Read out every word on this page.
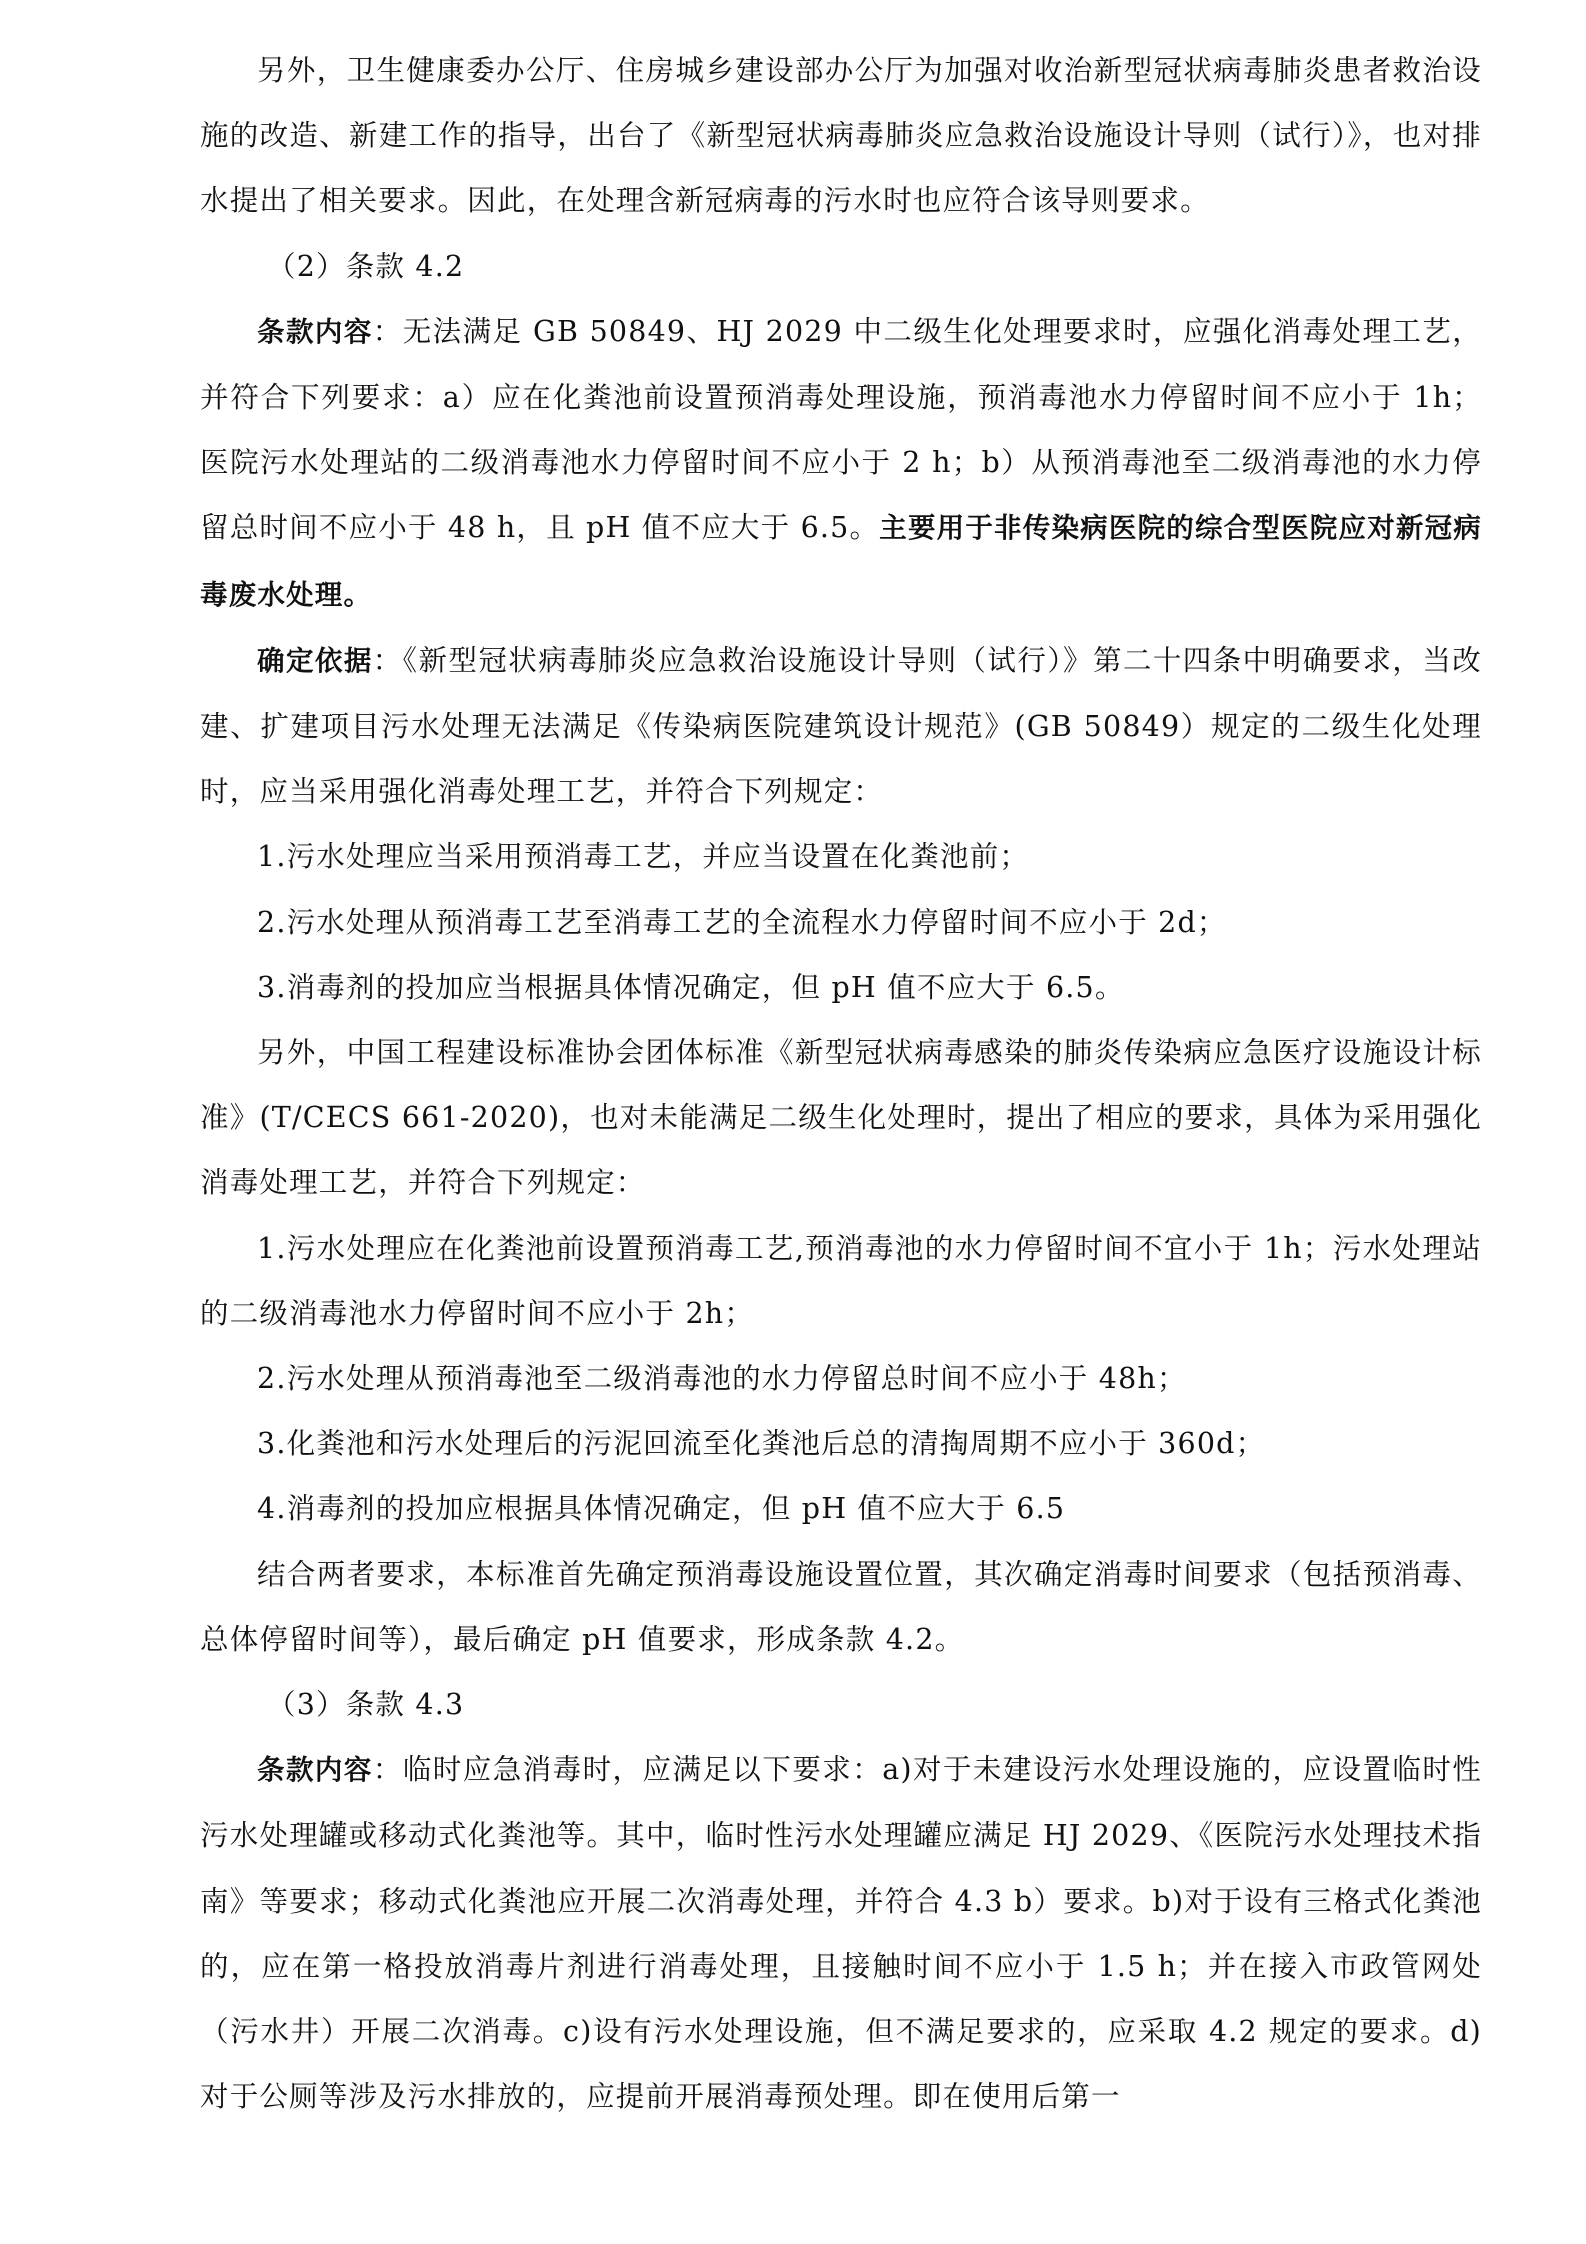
另外，卫生健康委办公厅、住房城乡建设部办公厅为加强对收治新型冠状病毒肺炎患者救治设施的改造、新建工作的指导，出台了《新型冠状病毒肺炎应急救治设施设计导则（试行）》，也对排水提出了相关要求。因此，在处理含新冠病毒的污水时也应符合该导则要求。

（2）条款 4.2

条款内容：无法满足 GB 50849、HJ 2029 中二级生化处理要求时，应强化消毒处理工艺，并符合下列要求：a）应在化粪池前设置预消毒处理设施，预消毒池水力停留时间不应小于 1h；医院污水处理站的二级消毒池水力停留时间不应小于 2 h；b）从预消毒池至二级消毒池的水力停留总时间不应小于 48 h，且 pH 值不应大于 6.5。主要用于非传染病医院的综合型医院应对新冠病毒废水处理。

确定依据：《新型冠状病毒肺炎应急救治设施设计导则（试行）》第二十四条中明确要求，当改建、扩建项目污水处理无法满足《传染病医院建筑设计规范》(GB 50849）规定的二级生化处理时，应当采用强化消毒处理工艺，并符合下列规定：

1.污水处理应当采用预消毒工艺，并应当设置在化粪池前；

2.污水处理从预消毒工艺至消毒工艺的全流程水力停留时间不应小于 2d；

3.消毒剂的投加应当根据具体情况确定，但 pH 值不应大于 6.5。

另外，中国工程建设标准协会团体标准《新型冠状病毒感染的肺炎传染病应急医疗设施设计标准》(T/CECS 661-2020)，也对未能满足二级生化处理时，提出了相应的要求，具体为采用强化消毒处理工艺，并符合下列规定：

1.污水处理应在化粪池前设置预消毒工艺,预消毒池的水力停留时间不宜小于 1h；污水处理站的二级消毒池水力停留时间不应小于 2h；

2.污水处理从预消毒池至二级消毒池的水力停留总时间不应小于 48h；

3.化粪池和污水处理后的污泥回流至化粪池后总的清掏周期不应小于 360d；

4.消毒剂的投加应根据具体情况确定，但 pH 值不应大于 6.5

结合两者要求，本标准首先确定预消毒设施设置位置，其次确定消毒时间要求（包括预消毒、总体停留时间等），最后确定 pH 值要求，形成条款 4.2。

（3）条款 4.3

条款内容：临时应急消毒时，应满足以下要求：a)对于未建设污水处理设施的，应设置临时性污水处理罐或移动式化粪池等。其中，临时性污水处理罐应满足 HJ 2029、《医院污水处理技术指南》等要求；移动式化粪池应开展二次消毒处理，并符合 4.3 b）要求。b)对于设有三格式化粪池的，应在第一格投放消毒片剂进行消毒处理，且接触时间不应小于 1.5 h；并在接入市政管网处（污水井）开展二次消毒。c)设有污水处理设施，但不满足要求的，应采取 4.2 规定的要求。d)对于公厕等涉及污水排放的，应提前开展消毒预处理。即在使用后第一
